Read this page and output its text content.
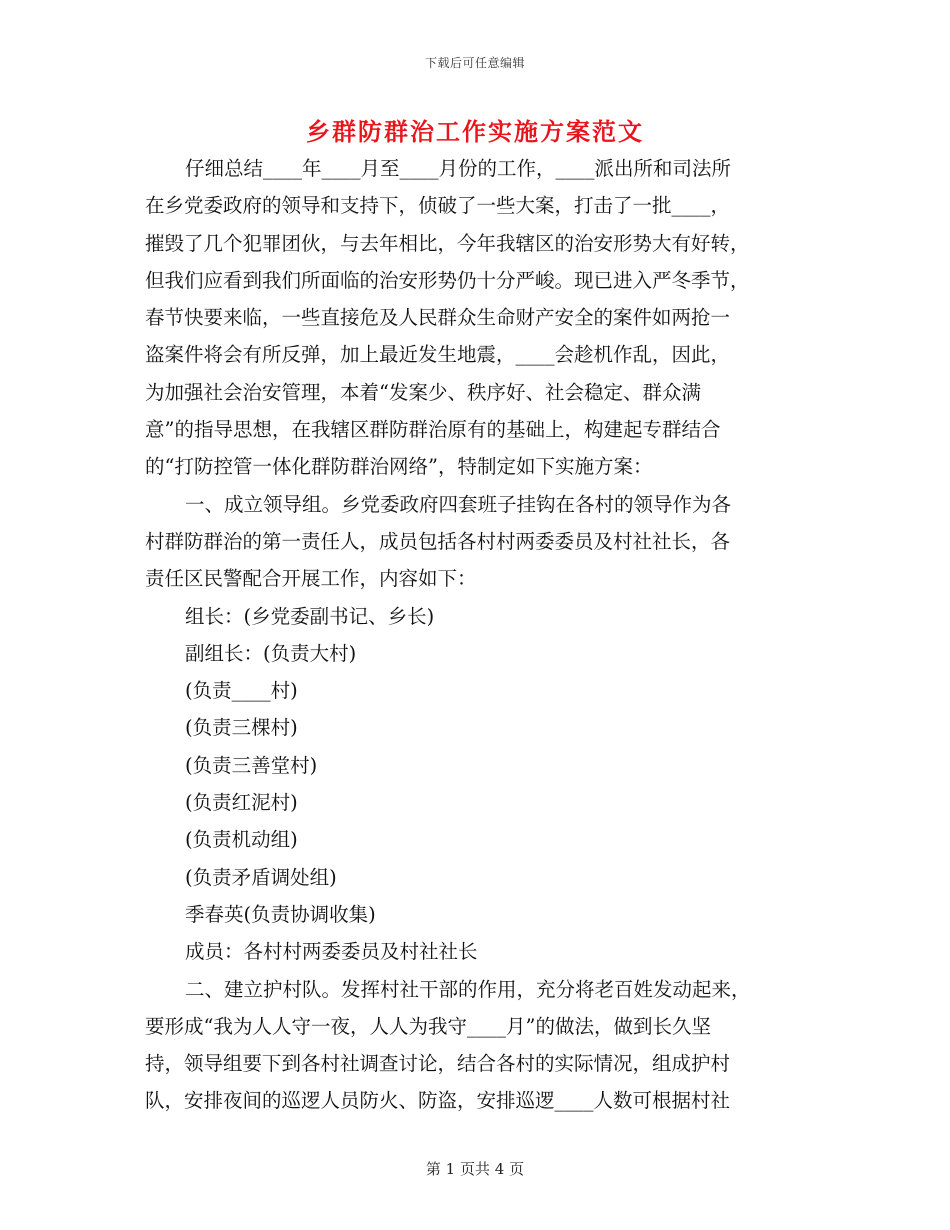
下载后可任意编辑
乡群防群治工作实施方案范文
仔细总结____年____月至____月份的工作，____派出所和司法所
在乡党委政府的领导和支持下，侦破了一些大案，打击了一批____，
摧毁了几个犯罪团伙，与去年相比，今年我辖区的治安形势大有好转，
但我们应看到我们所面临的治安形势仍十分严峻。现已进入严冬季节，
春节快要来临，一些直接危及人民群众生命财产安全的案件如两抢一
盗案件将会有所反弹，加上最近发生地震，____会趁机作乱，因此，
为加强社会治安管理，本着“发案少、秩序好、社会稳定、群众满
意”的指导思想，在我辖区群防群治原有的基础上，构建起专群结合
的“打防控管一体化群防群治网络”，特制定如下实施方案：
一、成立领导组。乡党委政府四套班子挂钩在各村的领导作为各
村群防群治的第一责任人，成员包括各村村两委委员及村社社长，各
责任区民警配合开展工作，内容如下：
组长：(乡党委副书记、乡长)
副组长：(负责大村)
(负责____村)
(负责三棵村)
(负责三善堂村)
(负责红泥村)
(负责机动组)
(负责矛盾调处组)
季春英(负责协调收集)
成员：各村村两委委员及村社社长
二、建立护村队。发挥村社干部的作用，充分将老百姓发动起来，
要形成“我为人人守一夜，人人为我守____月”的做法，做到长久坚
持，领导组要下到各村社调查讨论，结合各村的实际情况，组成护村
队，安排夜间的巡逻人员防火、防盗，安排巡逻____人数可根据村社
第 1 页共 4 页
